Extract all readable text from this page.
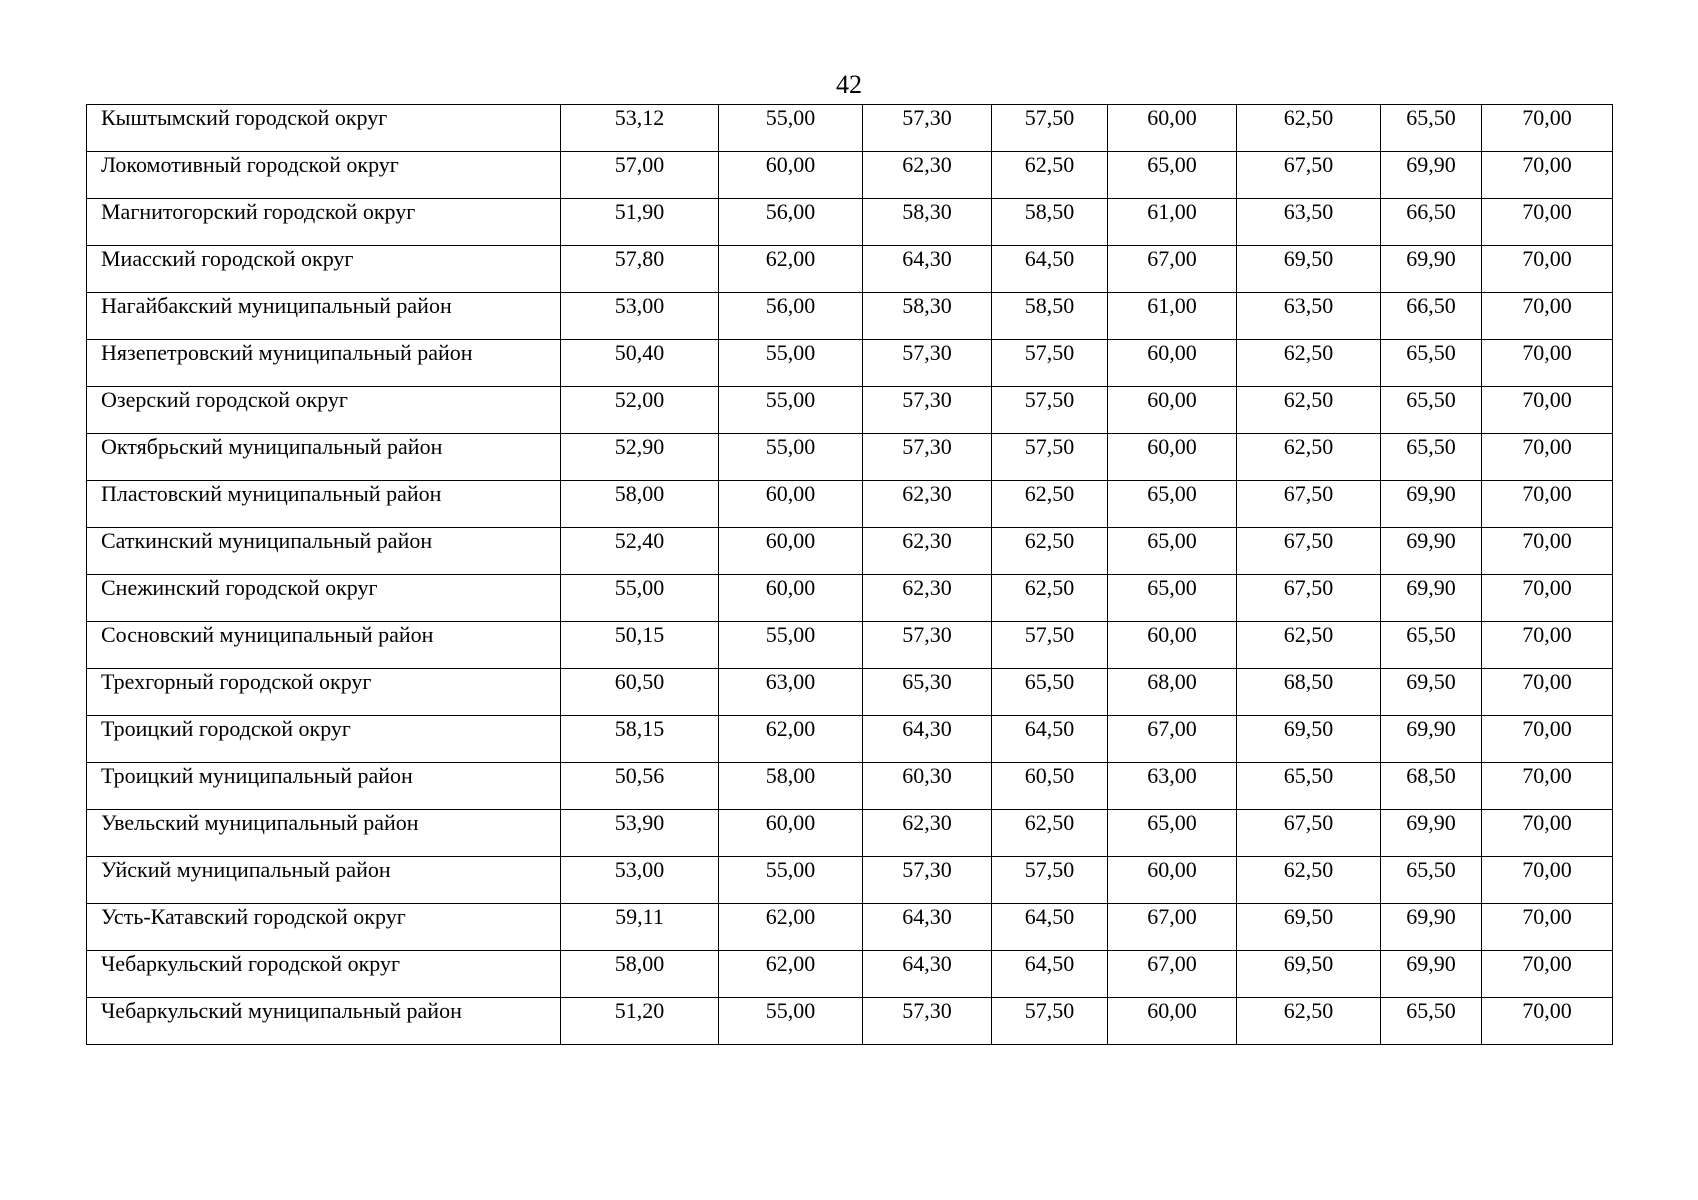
42
Кыштымский городской округ	53,12	55,00	57,30	57,50	60,00	62,50	65,50	70,00

Локомотивный городской округ	57,00	60,00	62,30	62,50	65,00	67,50	69,90	70,00

Магнитогорский городской округ	51,90	56,00	58,30	58,50	61,00	63,50	66,50	70,00

Миасский городской округ	57,80	62,00	64,30	64,50	67,00	69,50	69,90	70,00

Нагайбакский муниципальный район	53,00	56,00	58,30	58,50	61,00	63,50	66,50	70,00

Нязепетровский муниципальный район	50,40	55,00	57,30	57,50	60,00	62,50	65,50	70,00

Озерский городской округ	52,00	55,00	57,30	57,50	60,00	62,50	65,50	70,00

Октябрьский муниципальный район	52,90	55,00	57,30	57,50	60,00	62,50	65,50	70,00

Пластовский муниципальный район	58,00	60,00	62,30	62,50	65,00	67,50	69,90	70,00

Саткинский муниципальный район	52,40	60,00	62,30	62,50	65,00	67,50	69,90	70,00

Снежинский городской округ	55,00	60,00	62,30	62,50	65,00	67,50	69,90	70,00

Сосновский муниципальный район	50,15	55,00	57,30	57,50	60,00	62,50	65,50	70,00

Трехгорный городской округ	60,50	63,00	65,30	65,50	68,00	68,50	69,50	70,00

Троицкий городской округ	58,15	62,00	64,30	64,50	67,00	69,50	69,90	70,00

Троицкий муниципальный район	50,56	58,00	60,30	60,50	63,00	65,50	68,50	70,00

Увельский муниципальный район	53,90	60,00	62,30	62,50	65,00	67,50	69,90	70,00

Уйский муниципальный район	53,00	55,00	57,30	57,50	60,00	62,50	65,50	70,00

Усть-Катавский городской округ	59,11	62,00	64,30	64,50	67,00	69,50	69,90	70,00

Чебаркульский городской округ	58,00	62,00	64,30	64,50	67,00	69,50	69,90	70,00

Чебаркульский муниципальный район	51,20	55,00	57,30	57,50	60,00	62,50	65,50	70,00
